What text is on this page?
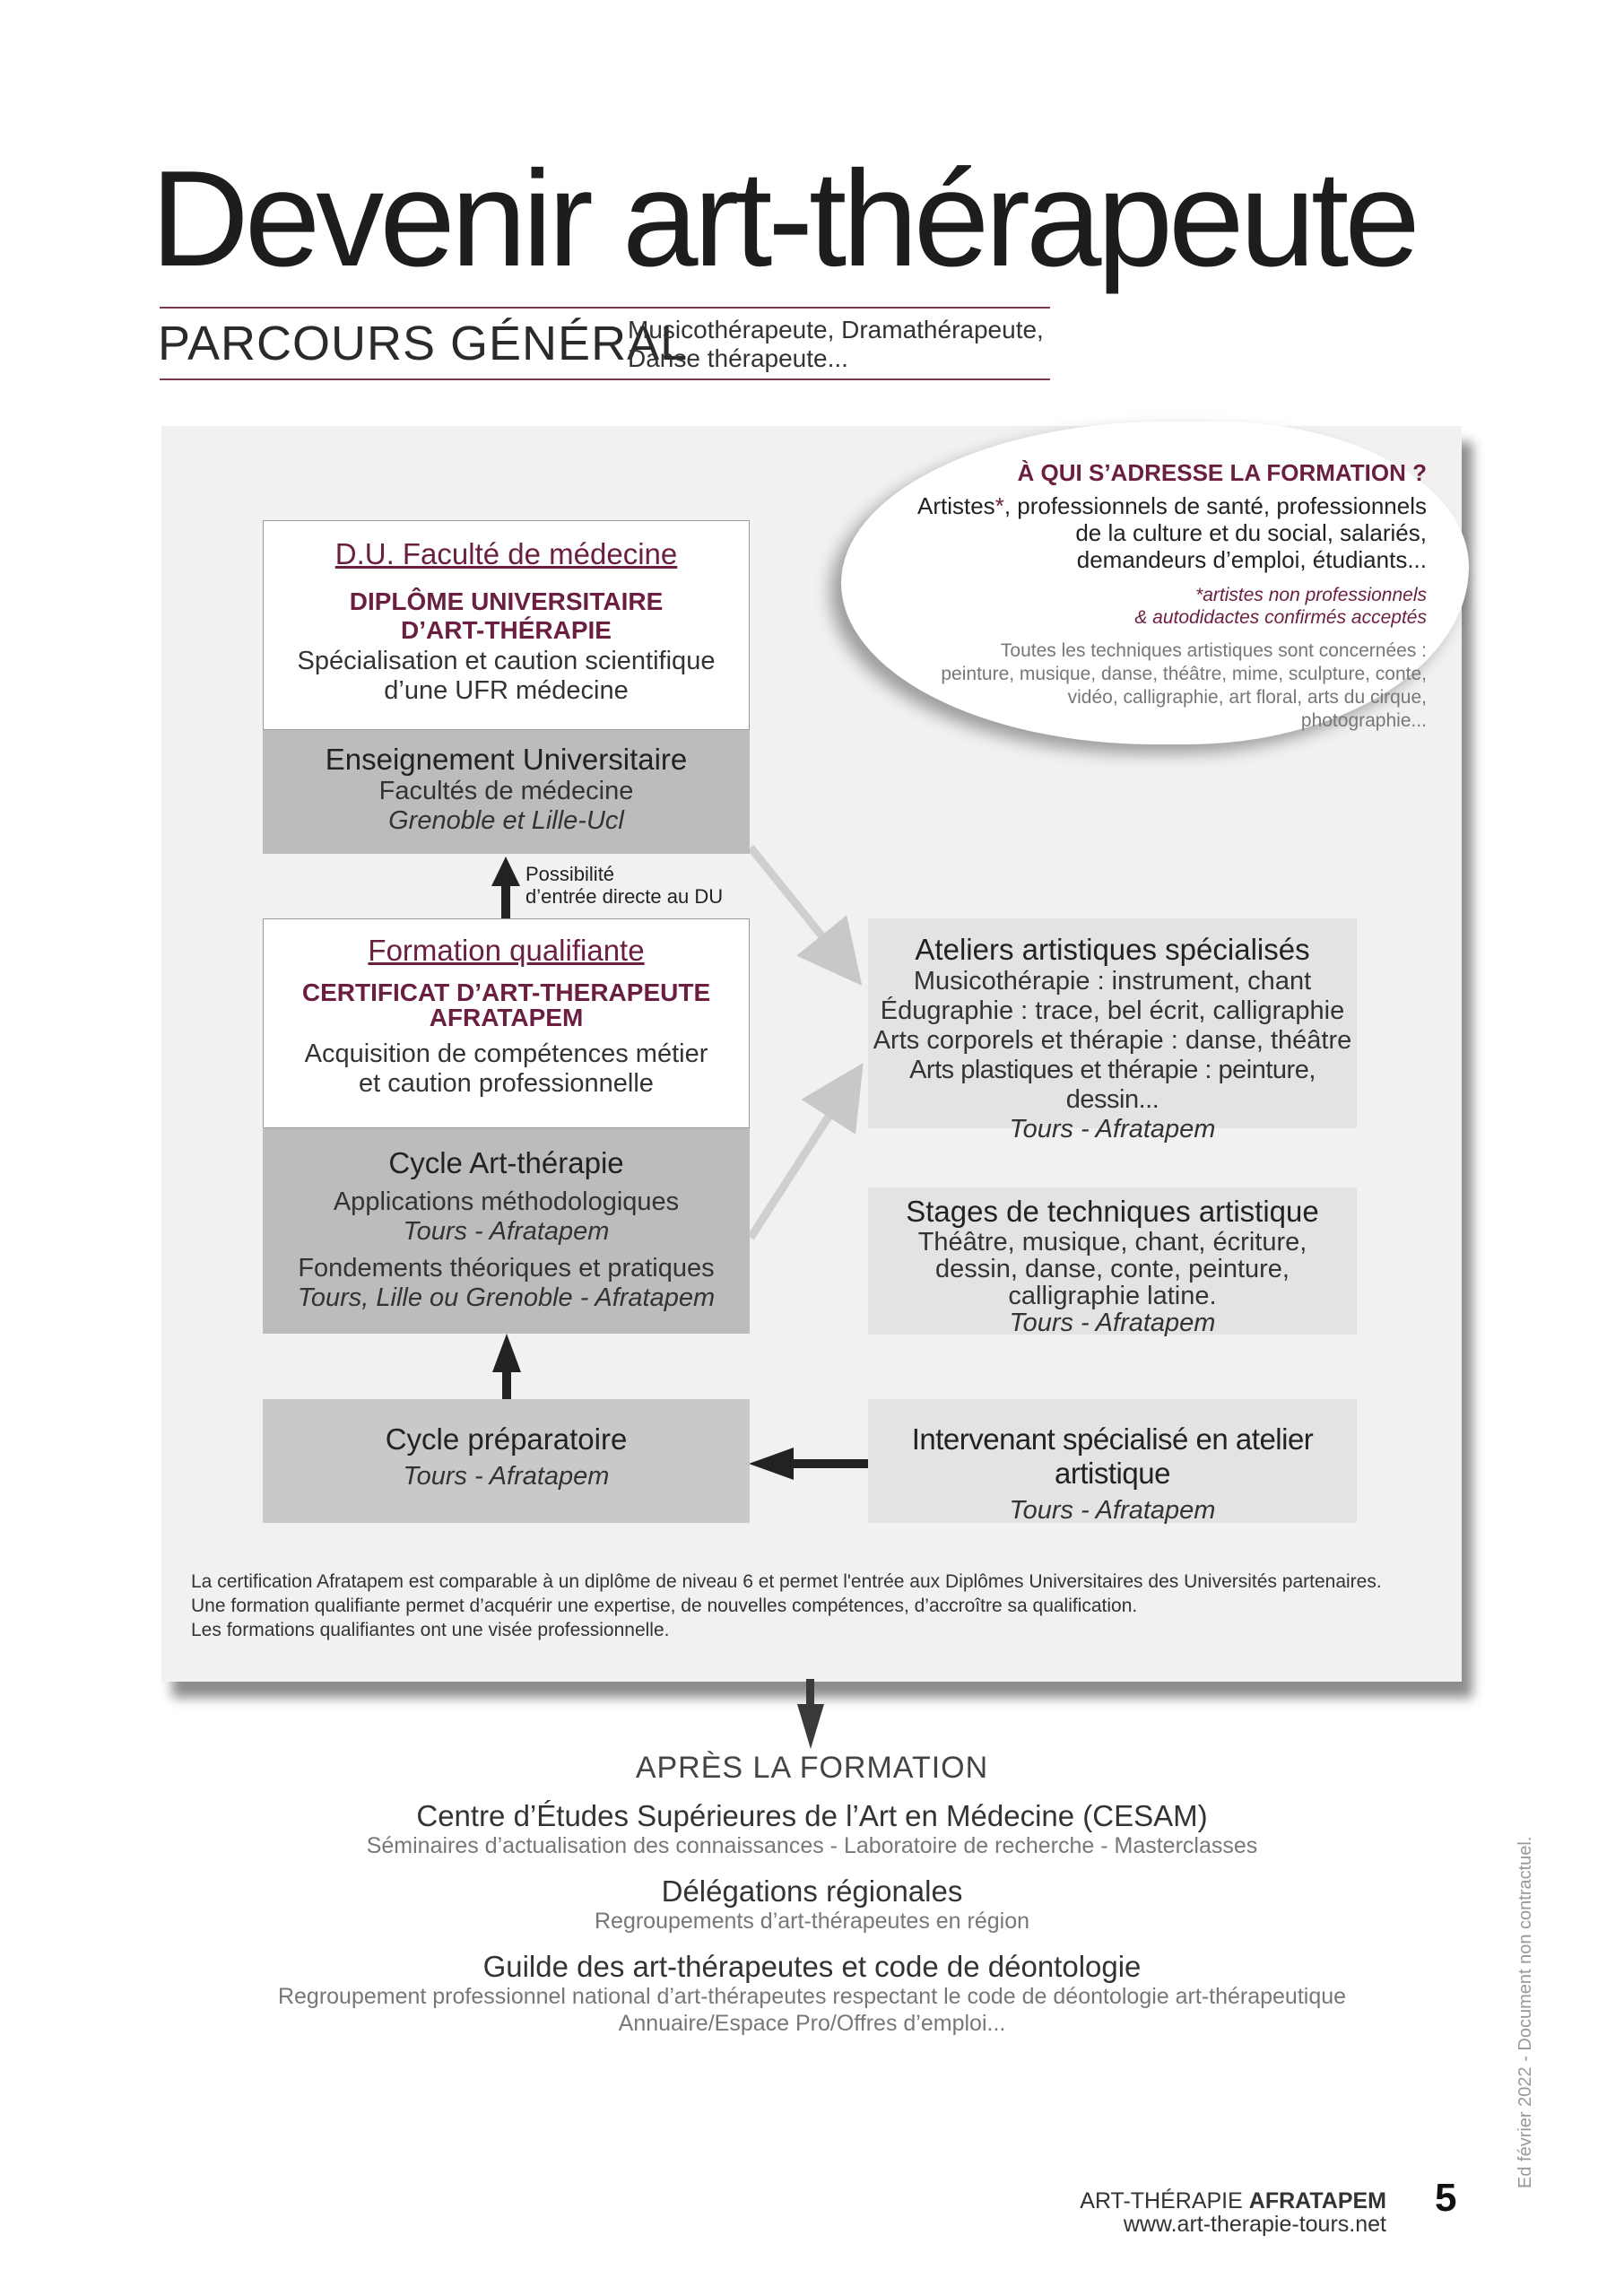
Devenir art-thérapeute
PARCOURS GÉNÉRAL
Musicothérapeute, Dramathérapeute,
Danse thérapeute...
À QUI S’ADRESSE LA FORMATION ?
Artistes*, professionnels de santé, professionnels
de la culture et du social, salariés,
demandeurs d’emploi, étudiants...
*artistes non professionnels
& autodidactes confirmés acceptés
Toutes les techniques artistiques sont concernées :
peinture, musique, danse, théâtre, mime, sculpture, conte,
vidéo, calligraphie, art floral, arts du cirque,
photographie...
D.U. Faculté de médecine
DIPLÔME UNIVERSITAIRE
D’ART-THÉRAPIE
Spécialisation et caution scientifique
d’une UFR médecine
Enseignement Universitaire
Facultés de médecine
Grenoble et Lille-Ucl
Possibilité
d’entrée directe au DU
Formation qualifiante
CERTIFICAT D’ART-THERAPEUTE
AFRATAPEM
Acquisition de compétences métier
et caution professionnelle
Cycle Art-thérapie
Applications méthodologiques
Tours - Afratapem
Fondements théoriques et pratiques
Tours, Lille ou Grenoble - Afratapem
Cycle préparatoire
Tours - Afratapem
Ateliers artistiques spécialisés
Musicothérapie : instrument, chant
Édugraphie : trace, bel écrit, calligraphie
Arts corporels et thérapie : danse, théâtre
Arts plastiques et thérapie : peinture, dessin...
Tours - Afratapem
Stages de techniques artistique
Théâtre, musique, chant, écriture,
dessin, danse, conte, peinture,
calligraphie latine.
Tours - Afratapem
Intervenant spécialisé en atelier artistique
Tours - Afratapem
La certification Afratapem est comparable à un diplôme de niveau 6 et permet l'entrée aux Diplômes Universitaires des Universités partenaires.
Une formation qualifiante permet d’acquérir une expertise, de nouvelles compétences, d’accroître sa qualification.
Les formations qualifiantes ont une visée professionnelle.
APRÈS LA FORMATION
Centre d’Études Supérieures de l’Art en Médecine (CESAM)
Séminaires d’actualisation des connaissances - Laboratoire de recherche - Masterclasses
Délégations régionales
Regroupements d’art-thérapeutes en région
Guilde des art-thérapeutes et code de déontologie
Regroupement professionnel national d’art-thérapeutes respectant le code de déontologie art-thérapeutique
Annuaire/Espace Pro/Offres d’emploi...	Ed février 2022 - Document non contractuel.
ART-THÉRAPIE AFRATAPEM
www.art-therapie-tours.net
5
